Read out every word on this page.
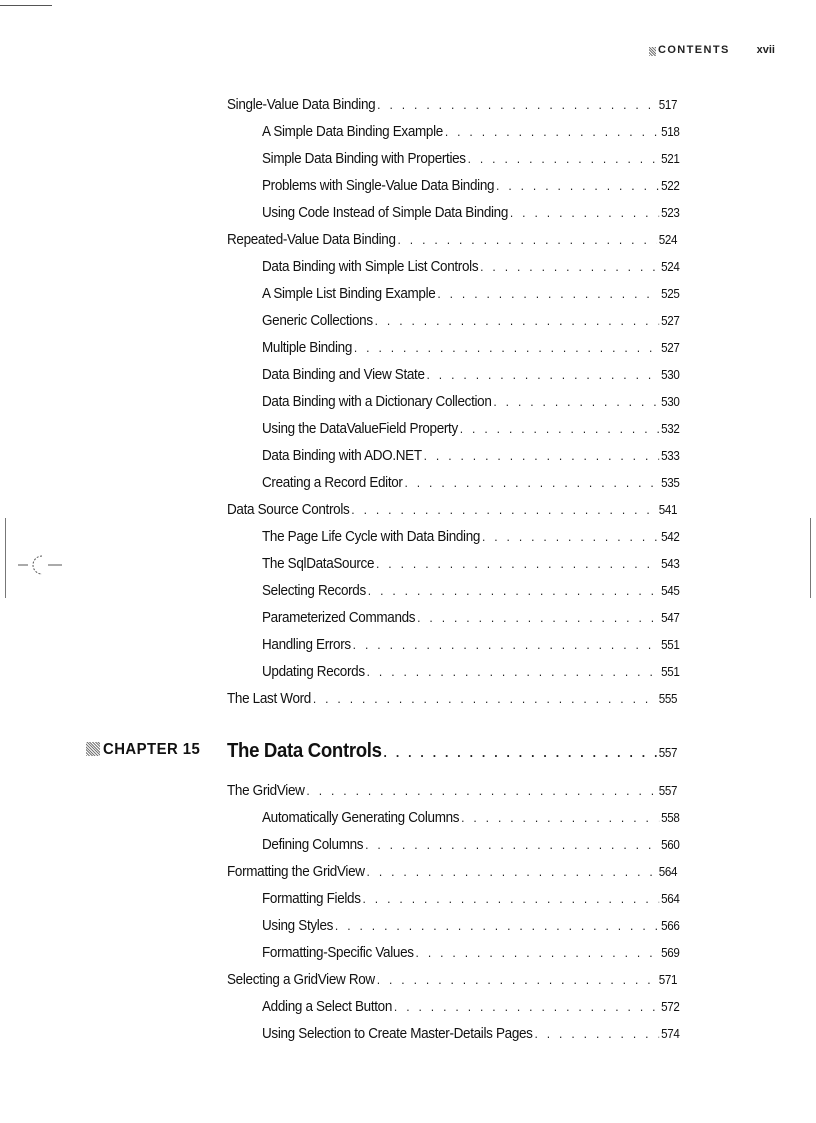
CONTENTS xvii
Single-Value Data Binding . . .	517
A Simple Data Binding Example . . .	518
Simple Data Binding with Properties . . .	521
Problems with Single-Value Data Binding . . .	522
Using Code Instead of Simple Data Binding . . .	523
Repeated-Value Data Binding . . .	524
Data Binding with Simple List Controls . . .	524
A Simple List Binding Example . . .	525
Generic Collections . . .	527
Multiple Binding . . .	527
Data Binding and View State . . .	530
Data Binding with a Dictionary Collection . . .	530
Using the DataValueField Property . . .	532
Data Binding with ADO.NET . . .	533
Creating a Record Editor . . .	535
Data Source Controls . . .	541
The Page Life Cycle with Data Binding . . .	542
The SqlDataSource . . .	543
Selecting Records . . .	545
Parameterized Commands . . .	547
Handling Errors . . .	551
Updating Records . . .	551
The Last Word . . .	555
CHAPTER 15 The Data Controls . . .	557
The GridView . . .	557
Automatically Generating Columns . . .	558
Defining Columns . . .	560
Formatting the GridView . . .	564
Formatting Fields . . .	564
Using Styles . . .	566
Formatting-Specific Values . . .	569
Selecting a GridView Row . . .	571
Adding a Select Button . . .	572
Using Selection to Create Master-Details Pages . . .	574
